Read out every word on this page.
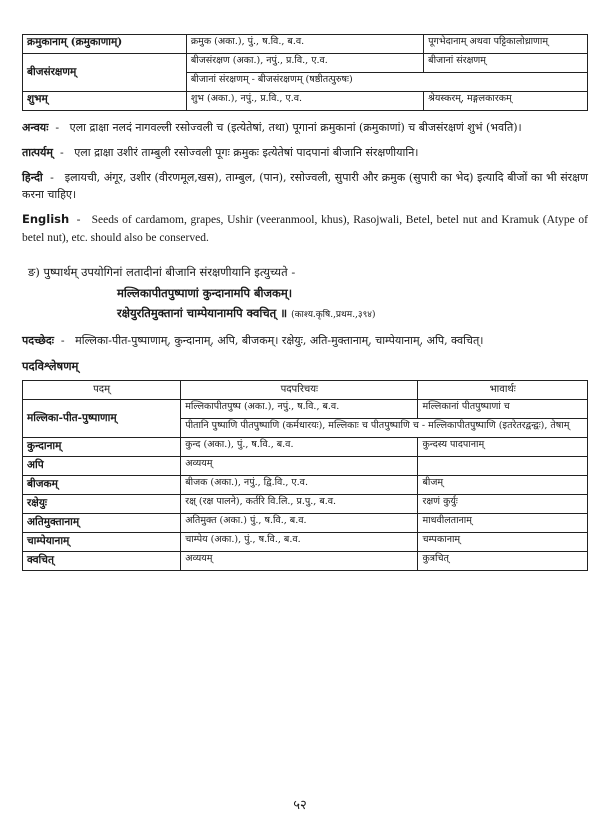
क्रमुकानाम् (क्रमुकाणाम्)	क्रमुक (अका.), पुं., ष.वि., ब.व.	पूगभेदानाम् अथवा पट्टिकालोध्राणाम्
बीजसंरक्षणम्	बीजसंरक्षण (अका.), नपुं., प्र.वि., ए.व.	बीजानां संरक्षणम्
	बीजानां संरक्षणम् - बीजसंरक्षणम् (षष्ठीतत्पुरुषः)	
शुभम्	शुभ (अका.), नपुं., प्र.वि., ए.व.	श्रेयस्करम्, मङ्गलकारकम्
अन्वयः  -   एला द्राक्षा नलदं नागवल्ली रसोज्वली च (इत्येतेषां, तथा) पूगानां क्रमुकानां (क्रमुकाणां) च बीजसंरक्षणं शुभं (भवति)।
तात्पर्यम्  -   एला द्राक्षा उशीरं ताम्बुली रसोज्वली पूगः क्रमुकः इत्येतेषां पादपानां बीजानि संरक्षणीयानि।
हिन्दी  -   इलायची, अंगूर, उशीर (वीरणमूल,खस), ताम्बुल, (पान), रसोज्वली, सुपारी और क्रमुक (सुपारी का भेद) इत्यादि बीजों का भी संरक्षण करना चाहिए।
English  -   Seeds of cardamom, grapes, Ushir (veeranmool, khus), Rasojwali, Betel, betel nut and Kramuk (Atype of betel nut), etc. should also be conserved.
ङ) पुष्पार्थम् उपयोगिनां लतादीनां बीजानि संरक्षणीयानि इत्युच्यते -
मल्लिकापीतपुष्पाणां कुन्दानामपि बीजकम्।
रक्षेयुरतिमुक्तानां चाम्पेयानामपि क्वचित् ॥ (काश्य.कृषि.,प्रथम.,३९४)
पदच्छेदः  -   मल्लिका-पीत-पुष्पाणाम्, कुन्दानाम्, अपि, बीजकम्। रक्षेयुः, अति-मुक्तानाम्, चाम्पेयानाम्, अपि, क्वचित्।
पदविश्लेषणम्
पदम्	पदपरिचयः	भावार्थः
मल्लिका-पीत-पुष्पाणाम्	मल्लिकापीतपुष्प (अका.), नपुं., ष.वि., ब.व.	मल्लिकानां पीतपुष्पाणां च
	पीतानि पुष्पाणि पीतपुष्पाणि (कर्मधारयः), मल्लिकाः च पीतपुष्पाणि च - मल्लिकापीतपुष्पाणि (इतरेतरद्वन्द्वः), तेषाम्	
कुन्दानाम्	कुन्द (अका.), पुं., ष.वि., ब.व.	कुन्दस्य पादपानाम्
अपि	अव्ययम्	
बीजकम्	बीजक (अका.), नपुं., द्वि.वि., ए.व.	बीजम्
रक्षेयुः	रक्ष् (रक्ष पालने), कर्तरि वि.लि., प्र.पु., ब.व.	रक्षणं कुर्युः
अतिमुक्तानाम्	अतिमुक्त (अका.) पुं., ष.वि., ब.व.	माधवीलतानाम्
चाम्पेयानाम्	चाम्पेय (अका.), पुं., ष.वि., ब.व.	चम्पकानाम्
क्वचित्	अव्ययम्	कुत्रचित्
५२
